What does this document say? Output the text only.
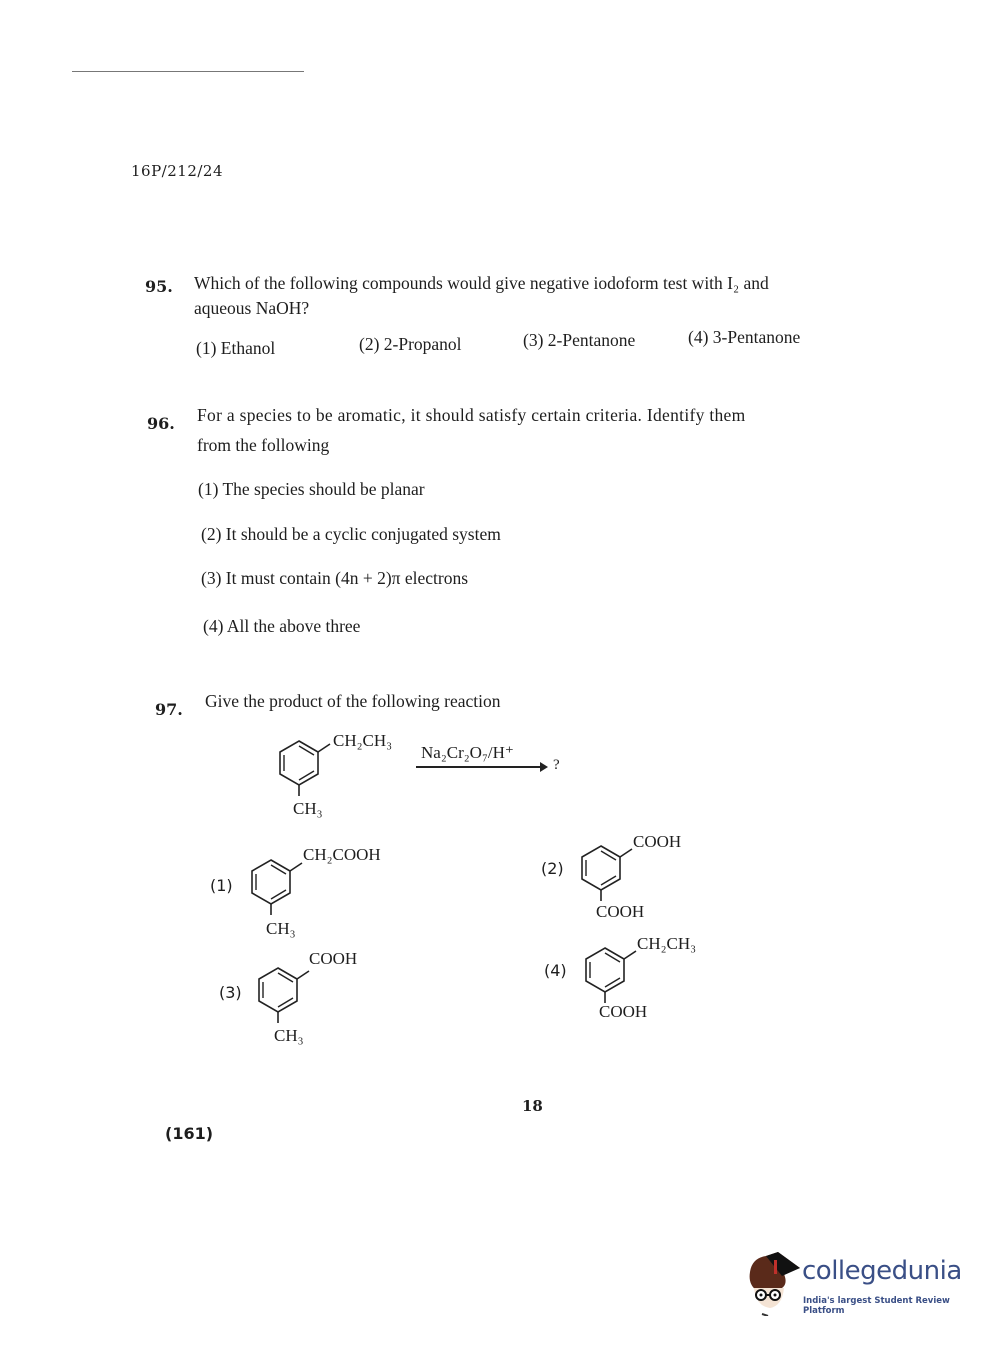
16P/212/24
95. Which of the following compounds would give negative iodoform test with I₂ and
aqueous NaOH?
(1) Ethanol	(2) 2-Propanol	(3) 2-Pentanone	(4) 3-Pentanone
96. For a species to be aromatic, it should satisfy certain criteria. Identify them
from the following
(1) The species should be planar
(2) It should be a cyclic conjugated system
(3) It must contain (4n + 2)π electrons
(4) All the above three
97. Give the product of the following reaction
CH₂CH₃
CH₃
Na₂Cr₂O₇/H⁺
?
(1)
CH₂COOH
CH₃
(2)
COOH
COOH
(3)
COOH
CH₃
(4)
CH₂CH₃
COOH
18
(161)
collegedunia
India's largest Student Review Platform
